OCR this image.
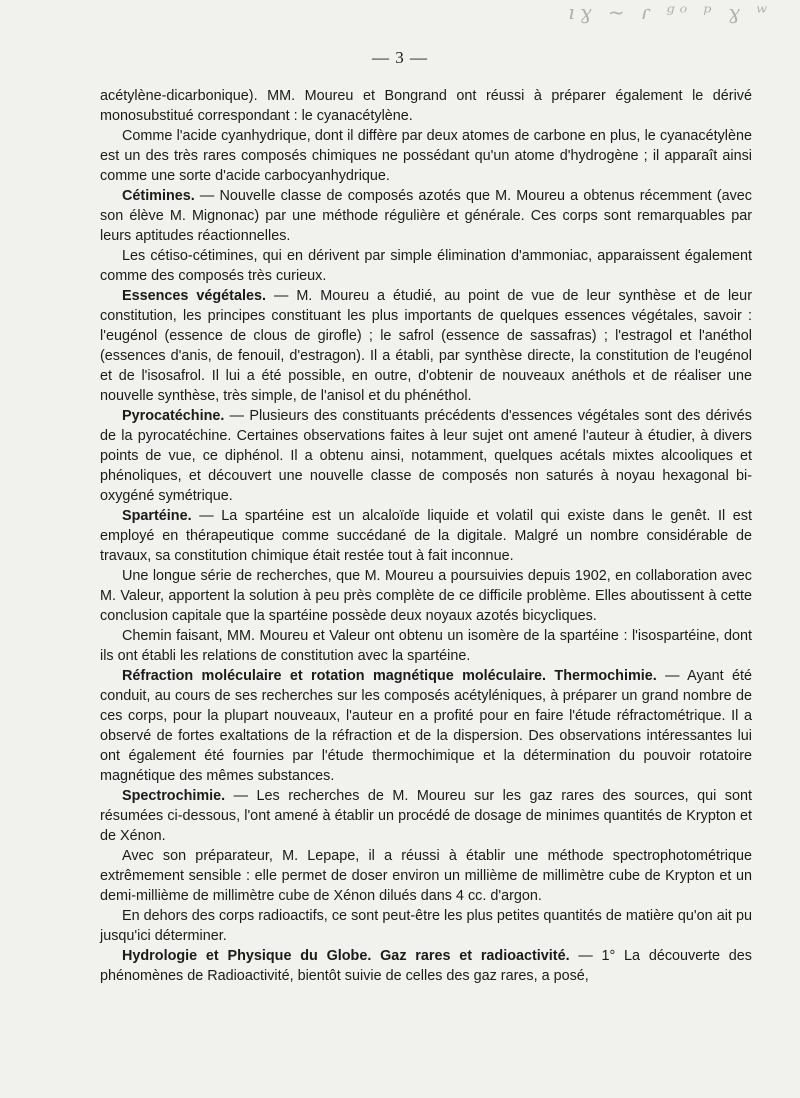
ıɣ ~ ɾ ᵍᵒ ᵖ ɣ ʷ
— 3 —

acétylène-dicarbonique). MM. Moureu et Bongrand ont réussi à préparer également le dérivé monosubstitué correspondant : le cyanacétylène.

Comme l'acide cyanhydrique, dont il diffère par deux atomes de carbone en plus, le cyanacétylène est un des très rares composés chimiques ne possédant qu'un atome d'hydrogène ; il apparaît ainsi comme une sorte d'acide carbocyanhydrique.

Cétimines. — Nouvelle classe de composés azotés que M. Moureu a obtenus récemment (avec son élève M. Mignonac) par une méthode régulière et générale. Ces corps sont remarquables par leurs aptitudes réactionnelles.

Les cétiso-cétimines, qui en dérivent par simple élimination d'ammoniac, apparaissent également comme des composés très curieux.

Essences végétales. — M. Moureu a étudié, au point de vue de leur synthèse et de leur constitution, les principes constituant les plus importants de quelques essences végétales, savoir : l'eugénol (essence de clous de girofle) ; le safrol (essence de sassafras) ; l'estragol et l'anéthol (essences d'anis, de fenouil, d'estragon). Il a établi, par synthèse directe, la constitution de l'eugénol et de l'isosafrol. Il lui a été possible, en outre, d'obtenir de nouveaux anéthols et de réaliser une nouvelle synthèse, très simple, de l'anisol et du phénéthol.

Pyrocatéchine. — Plusieurs des constituants précédents d'essences végétales sont des dérivés de la pyrocatéchine. Certaines observations faites à leur sujet ont amené l'auteur à étudier, à divers points de vue, ce diphénol. Il a obtenu ainsi, notamment, quelques acétals mixtes alcooliques et phénoliques, et découvert une nouvelle classe de composés non saturés à noyau hexagonal bi-oxygéné symétrique.

Spartéine. — La spartéine est un alcaloïde liquide et volatil qui existe dans le genêt. Il est employé en thérapeutique comme succédané de la digitale. Malgré un nombre considérable de travaux, sa constitution chimique était restée tout à fait inconnue.

Une longue série de recherches, que M. Moureu a poursuivies depuis 1902, en collaboration avec M. Valeur, apportent la solution à peu près complète de ce difficile problème. Elles aboutissent à cette conclusion capitale que la spartéine possède deux noyaux azotés bicycliques.

Chemin faisant, MM. Moureu et Valeur ont obtenu un isomère de la spartéine : l'isospartéine, dont ils ont établi les relations de constitution avec la spartéine.

Réfraction moléculaire et rotation magnétique moléculaire. Thermochimie. — Ayant été conduit, au cours de ses recherches sur les composés acétyléniques, à préparer un grand nombre de ces corps, pour la plupart nouveaux, l'auteur en a profité pour en faire l'étude réfractométrique. Il a observé de fortes exaltations de la réfraction et de la dispersion. Des observations intéressantes lui ont également été fournies par l'étude thermochimique et la détermination du pouvoir rotatoire magnétique des mêmes substances.

Spectrochimie. — Les recherches de M. Moureu sur les gaz rares des sources, qui sont résumées ci-dessous, l'ont amené à établir un procédé de dosage de minimes quantités de Krypton et de Xénon.

Avec son préparateur, M. Lepape, il a réussi à établir une méthode spectrophotométrique extrêmement sensible : elle permet de doser environ un millième de millimètre cube de Krypton et un demi-millième de millimètre cube de Xénon dilués dans 4 cc. d'argon.

En dehors des corps radioactifs, ce sont peut-être les plus petites quantités de matière qu'on ait pu jusqu'ici déterminer.

Hydrologie et Physique du Globe. Gaz rares et radioactivité. — 1° La découverte des phénomènes de Radioactivité, bientôt suivie de celles des gaz rares, a posé,
